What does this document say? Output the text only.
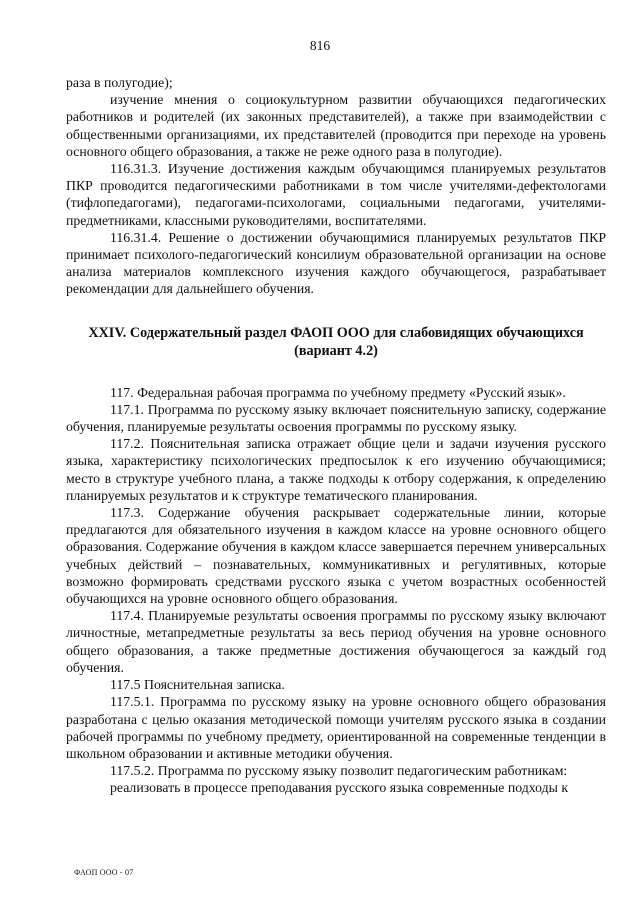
816

раза в полугодие);

изучение мнения о социокультурном развитии обучающихся педагогических работников и родителей (их законных представителей), а также при взаимодействии с общественными организациями, их представителей (проводится при переходе на уровень основного общего образования, а также не реже одного раза в полугодие).

116.31.3. Изучение достижения каждым обучающимся планируемых результатов ПКР проводится педагогическими работниками в том числе учителями-дефектологами (тифлопедагогами), педагогами-психологами, социальными педагогами, учителями-предметниками, классными руководителями, воспитателями.

116.31.4. Решение о достижении обучающимися планируемых результатов ПКР принимает психолого-педагогический консилиум образовательной организации на основе анализа материалов комплексного изучения каждого обучающегося, разрабатывает рекомендации для дальнейшего обучения.

XXIV. Содержательный раздел ФАОП ООО для слабовидящих обучающихся
(вариант 4.2)

117. Федеральная рабочая программа по учебному предмету «Русский язык».

117.1. Программа по русскому языку включает пояснительную записку, содержание обучения, планируемые результаты освоения программы по русскому языку.

117.2. Пояснительная записка отражает общие цели и задачи изучения русского языка, характеристику психологических предпосылок к его изучению обучающимися; место в структуре учебного плана, а также подходы к отбору содержания, к определению планируемых результатов и к структуре тематического планирования.

117.3. Содержание обучения раскрывает содержательные линии, которые предлагаются для обязательного изучения в каждом классе на уровне основного общего образования. Содержание обучения в каждом классе завершается перечнем универсальных учебных действий – познавательных, коммуникативных и регулятивных, которые возможно формировать средствами русского языка с учетом возрастных особенностей обучающихся на уровне основного общего образования.

117.4. Планируемые результаты освоения программы по русскому языку включают личностные, метапредметные результаты за весь период обучения на уровне основного общего образования, а также предметные достижения обучающегося за каждый год обучения.

117.5 Пояснительная записка.

117.5.1. Программа по русскому языку на уровне основного общего образования разработана с целью оказания методической помощи учителям русского языка в создании рабочей программы по учебному предмету, ориентированной на современные тенденции в школьном образовании и активные методики обучения.

117.5.2. Программа по русскому языку позволит педагогическим работникам:

реализовать в процессе преподавания русского языка современные подходы к

ФАОП ООО - 07
